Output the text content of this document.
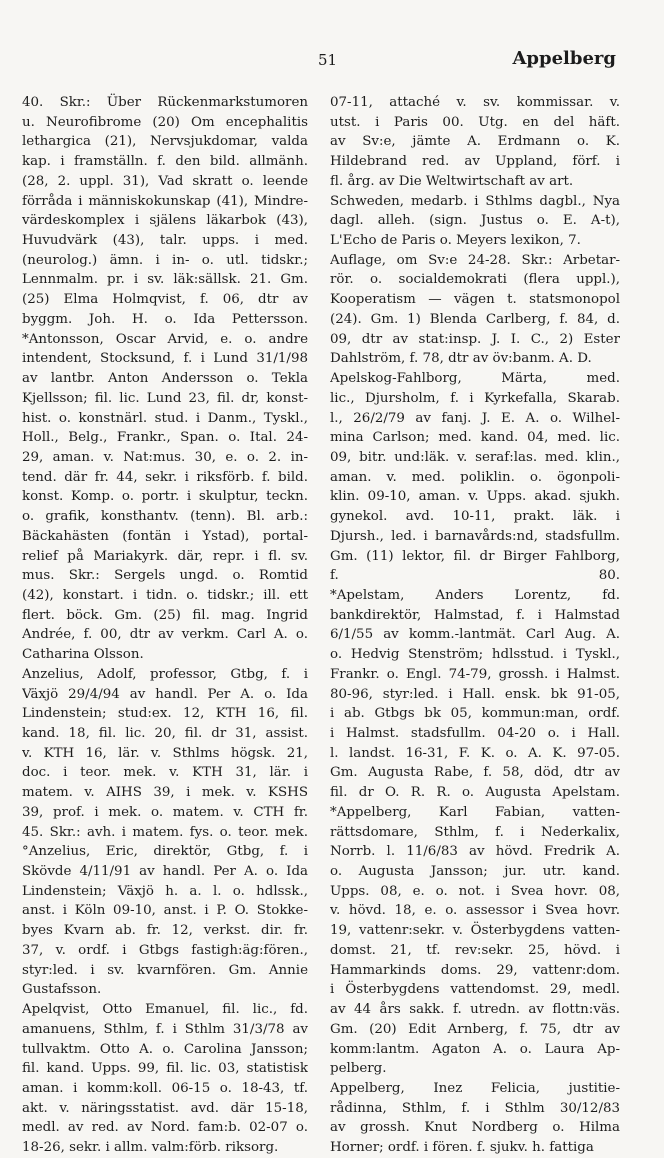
51	Appelberg
40. Skr.: Über Rückenmarkstumoren
u. Neurofibrome (20) Om encephalitis
lethargica (21), Nervsjukdomar, valda
kap. i framställn. f. den bild. allmänh.
(28, 2. uppl. 31), Vad skratt o. leende
förråda i människokunskap (41), Mindre-
värdeskomplex i själens läkarbok (43),
Huvudvärk (43), talr. upps. i med.
(neurolog.) ämn. i in- o. utl. tidskr.;
Lennmalm. pr. i sv. läk:sällsk. 21. Gm.
(25) Elma Holmqvist, f. 06, dtr av
byggm. Joh. H. o. Ida Pettersson.
*Antonsson, Oscar Arvid, e. o. andre
intendent, Stocksund, f. i Lund 31/1/98
av lantbr. Anton Andersson o. Tekla
Kjellsson; fil. lic. Lund 23, fil. dr, konst-
hist. o. konstnärl. stud. i Danm., Tyskl.,
Holl., Belg., Frankr., Span. o. Ital. 24-
29, aman. v. Nat:mus. 30, e. o. 2. in-
tend. där fr. 44, sekr. i riksförb. f. bild.
konst. Komp. o. portr. i skulptur, teckn.
o. grafik, konsthantv. (tenn). Bl. arb.:
Bäckahästen (fontän i Ystad), portal-
relief på Mariakyrk. där, repr. i fl. sv.
mus. Skr.: Sergels ungd. o. Romtid
(42), konstart. i tidn. o. tidskr.; ill. ett
flert. böck. Gm. (25) fil. mag. Ingrid
Andrée, f. 00, dtr av verkm. Carl A. o.
Catharina Olsson.
Anzelius, Adolf, professor, Gtbg, f. i
Växjö 29/4/94 av handl. Per A. o. Ida
Lindenstein; stud:ex. 12, KTH 16, fil.
kand. 18, fil. lic. 20, fil. dr 31, assist.
v. KTH 16, lär. v. Sthlms högsk. 21,
doc. i teor. mek. v. KTH 31, lär. i
matem. v. AIHS 39, i mek. v. KSHS
39, prof. i mek. o. matem. v. CTH fr.
45. Skr.: avh. i matem. fys. o. teor. mek.
°Anzelius, Eric, direktör, Gtbg, f. i
Skövde 4/11/91 av handl. Per A. o. Ida
Lindenstein; Växjö h. a. l. o. hdlssk.,
anst. i Köln 09-10, anst. i P. O. Stokke-
byes Kvarn ab. fr. 12, verkst. dir. fr.
37, v. ordf. i Gtbgs fastigh:äg:fören.,
styr:led. i sv. kvarnfören. Gm. Annie
Gustafsson.
Apelqvist, Otto Emanuel, fil. lic., fd.
amanuens, Sthlm, f. i Sthlm 31/3/78 av
tullvaktm. Otto A. o. Carolina Jansson;
fil. kand. Upps. 99, fil. lic. 03, statistisk
aman. i komm:koll. 06-15 o. 18-43, tf.
akt. v. näringsstatist. avd. där 15-18,
medl. av red. av Nord. fam:b. 02-07 o.
18-26, sekr. i allm. valm:förb. riksorg.
07-11, attaché v. sv. kommissar. v.
utst. i Paris 00. Utg. en del häft.
av Sv:e, jämte A. Erdmann o. K.
Hildebrand red. av Uppland, förf. i
fl. årg. av Die Weltwirtschaft av art.
Schweden, medarb. i Sthlms dagbl., Nya
dagl. alleh. (sign. Justus o. E. A-t),
L'Echo de Paris o. Meyers lexikon, 7.
Auflage, om Sv:e 24-28. Skr.: Arbetar-
rör. o. socialdemokrati (flera uppl.),
Kooperatism — vägen t. statsmonopol
(24). Gm. 1) Blenda Carlberg, f. 84, d.
09, dtr av stat:insp. J. I. C., 2) Ester
Dahlström, f. 78, dtr av öv:banm. A. D.
Apelskog-Fahlborg, Märta, med.
lic., Djursholm, f. i Kyrkefalla, Skarab.
l., 26/2/79 av fanj. J. E. A. o. Wilhel-
mina Carlson; med. kand. 04, med. lic.
09, bitr. und:läk. v. seraf:las. med. klin.,
aman. v. med. poliklin. o. ögonpoli-
klin. 09-10, aman. v. Upps. akad. sjukh.
gynekol. avd. 10-11, prakt. läk. i
Djursh., led. i barnavårds:nd, stadsfullm.
Gm. (11) lektor, fil. dr Birger Fahlborg,
f. 80.
*Apelstam, Anders Lorentz, fd.
bankdirektör, Halmstad, f. i Halmstad
6/1/55 av komm.-lantmät. Carl Aug. A.
o. Hedvig Stenström; hdlsstud. i Tyskl.,
Frankr. o. Engl. 74-79, grossh. i Halmst.
80-96, styr:led. i Hall. ensk. bk 91-05,
i ab. Gtbgs bk 05, kommun:man, ordf.
i Halmst. stadsfullm. 04-20 o. i Hall.
l. landst. 16-31, F. K. o. A. K. 97-05.
Gm. Augusta Rabe, f. 58, död, dtr av
fil. dr O. R. R. o. Augusta Apelstam.
*Appelberg, Karl Fabian, vatten-
rättsdomare, Sthlm, f. i Nederkalix,
Norrb. l. 11/6/83 av hövd. Fredrik A.
o. Augusta Jansson; jur. utr. kand.
Upps. 08, e. o. not. i Svea hovr. 08,
v. hövd. 18, e. o. assessor i Svea hovr.
19, vattenr:sekr. v. Österbygdens vatten-
domst. 21, tf. rev:sekr. 25, hövd. i
Hammarkinds doms. 29, vattenr:dom.
i Österbygdens vattendomst. 29, medl.
av 44 års sakk. f. utredn. av flottn:väs.
Gm. (20) Edit Arnberg, f. 75, dtr av
komm:lantm. Agaton A. o. Laura Ap-
pelberg.
Appelberg, Inez Felicia, justitie-
rådinna, Sthlm, f. i Sthlm 30/12/83
av grossh. Knut Nordberg o. Hilma
Horner; ordf. i fören. f. sjukv. h. fattiga
